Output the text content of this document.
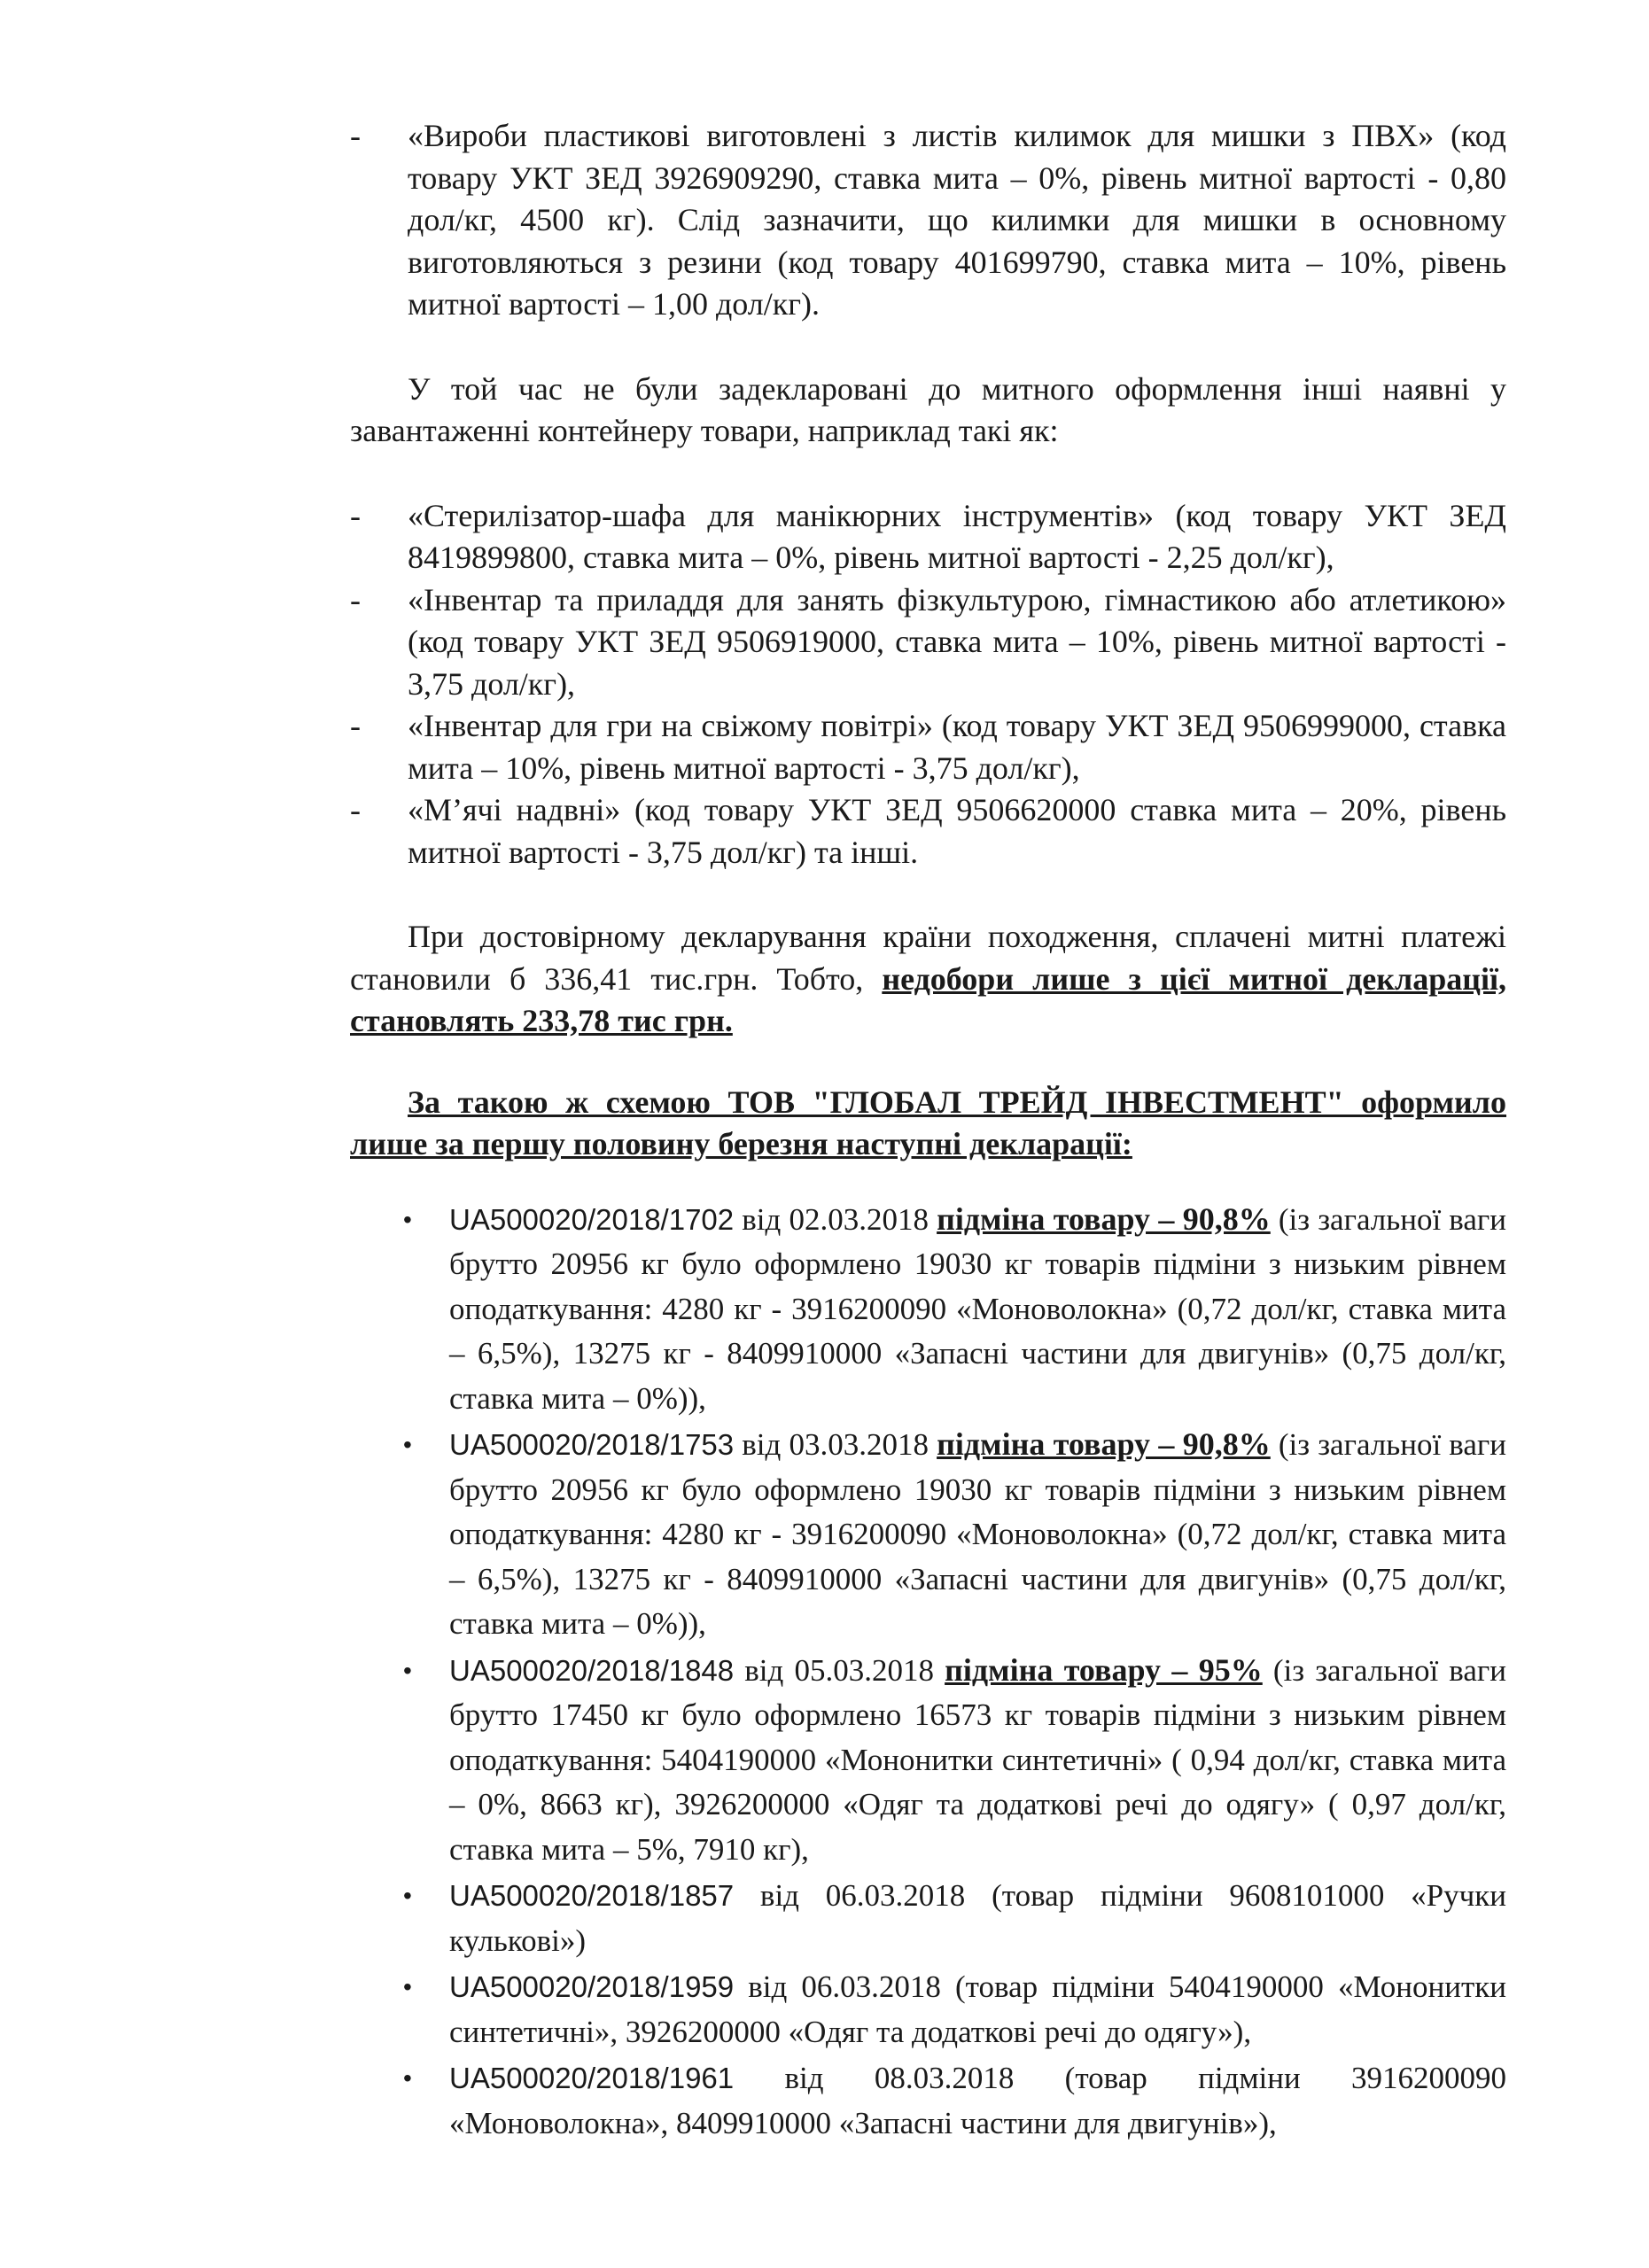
- «Вироби пластикові виготовлені з листів килимок для мишки з ПВХ» (код товару УКТ ЗЕД 3926909290, ставка мита – 0%, рівень митної вартості - 0,80 дол/кг, 4500 кг). Слід зазначити, що килимки для мишки в основному виготовляються з резини (код товару 401699790, ставка мита – 10%, рівень митної вартості – 1,00 дол/кг).
У той час не були задекларовані до митного оформлення інші наявні у завантаженні контейнеру товари, наприклад такі як:
- «Стерилізатор-шафа для манікюрних інструментів» (код товару УКТ ЗЕД 8419899800, ставка мита – 0%, рівень митної вартості - 2,25 дол/кг),
- «Інвентар та приладдя для занять фізкультурою, гімнастикою або атлетикою» (код товару УКТ ЗЕД 9506919000, ставка мита – 10%, рівень митної вартості - 3,75 дол/кг),
- «Інвентар для гри на свіжому повітрі» (код товару УКТ ЗЕД 9506999000, ставка мита – 10%, рівень митної вартості - 3,75 дол/кг),
- «М’ячі надвні» (код товару УКТ ЗЕД 9506620000 ставка мита – 20%, рівень митної вартості - 3,75 дол/кг) та інші.
При достовірному декларування країни походження, сплачені митні платежі становили б 336,41 тис.грн. Тобто, недобори лише з цієї митної декларації, становлять 233,78 тис грн.
За такою ж схемою ТОВ "ГЛОБАЛ ТРЕЙД ІНВЕСТМЕНТ" оформило лише за першу половину березня наступні декларації:
• UA500020/2018/1702 від 02.03.2018 підміна товару – 90,8% (із загальної ваги брутто 20956 кг було оформлено 19030 кг товарів підміни з низьким рівнем оподаткування: 4280 кг - 3916200090 «Моноволокна» (0,72 дол/кг, ставка мита – 6,5%), 13275 кг - 8409910000 «Запасні частини для двигунів» (0,75 дол/кг, ставка мита – 0%)),
• UA500020/2018/1753 від 03.03.2018 підміна товару – 90,8% (із загальної ваги брутто 20956 кг було оформлено 19030 кг товарів підміни з низьким рівнем оподаткування: 4280 кг - 3916200090 «Моноволокна» (0,72 дол/кг, ставка мита – 6,5%), 13275 кг - 8409910000 «Запасні частини для двигунів» (0,75 дол/кг, ставка мита – 0%)),
• UA500020/2018/1848 від 05.03.2018 підміна товару – 95% (із загальної ваги брутто 17450 кг було оформлено 16573 кг товарів підміни з низьким рівнем оподаткування: 5404190000 «Мононитки синтетичні» ( 0,94 дол/кг, ставка мита – 0%, 8663 кг), 3926200000 «Одяг та додаткові речі до одягу» ( 0,97 дол/кг, ставка мита – 5%, 7910 кг),
• UA500020/2018/1857 від 06.03.2018 (товар підміни 9608101000 «Ручки кулькові»)
• UA500020/2018/1959 від 06.03.2018 (товар підміни 5404190000 «Мононитки синтетичні», 3926200000 «Одяг та додаткові речі до одягу»),
• UA500020/2018/1961 від 08.03.2018 (товар підміни 3916200090 «Моноволокна», 8409910000 «Запасні частини для двигунів»),
